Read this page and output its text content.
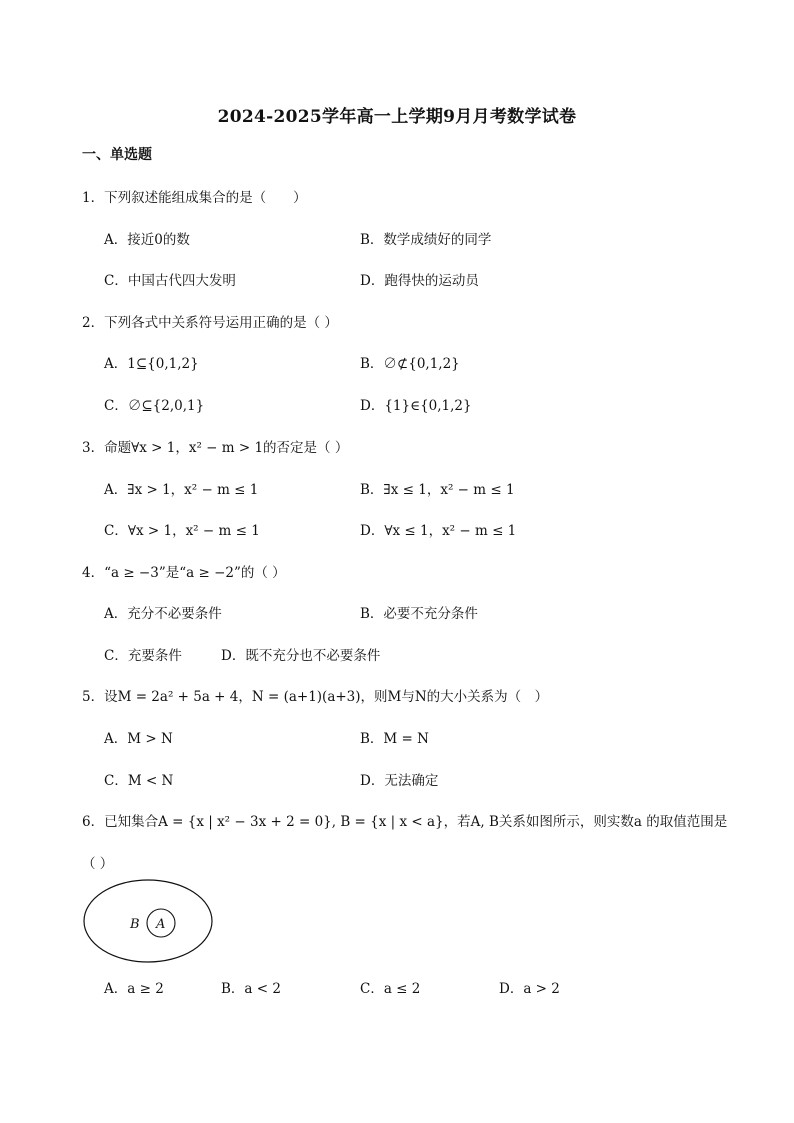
2024-2025学年高一上学期9月月考数学试卷
一、单选题
1．下列叙述能组成集合的是（　　）
A．接近0的数	B．数学成绩好的同学
C．中国古代四大发明	D．跑得快的运动员
2．下列各式中关系符号运用正确的是（ ）
A．1⊆{0,1,2}	B．∅⊄{0,1,2}
C．∅⊆{2,0,1}	D．{1}∈{0,1,2}
3．命题∀x > 1，x² − m > 1的否定是（ ）
A．∃x > 1，x² − m ≤ 1	B．∃x ≤ 1，x² − m ≤ 1
C．∀x > 1，x² − m ≤ 1	D．∀x ≤ 1，x² − m ≤ 1
4．“a ≥ −3”是“a ≥ −2”的（ ）
A．充分不必要条件	B．必要不充分条件
C．充要条件	D．既不充分也不必要条件
5．设M = 2a² + 5a + 4，N = (a+1)(a+3)，则M与N的大小关系为（　）
A．M > N	B．M = N
C．M < N	D．无法确定
6．已知集合A = {x | x² − 3x + 2 = 0}, B = {x | x < a}，若A, B关系如图所示，则实数a 的取值范围是
（ ）
B A
A．a ≥ 2	B．a < 2	C．a ≤ 2	D．a > 2
